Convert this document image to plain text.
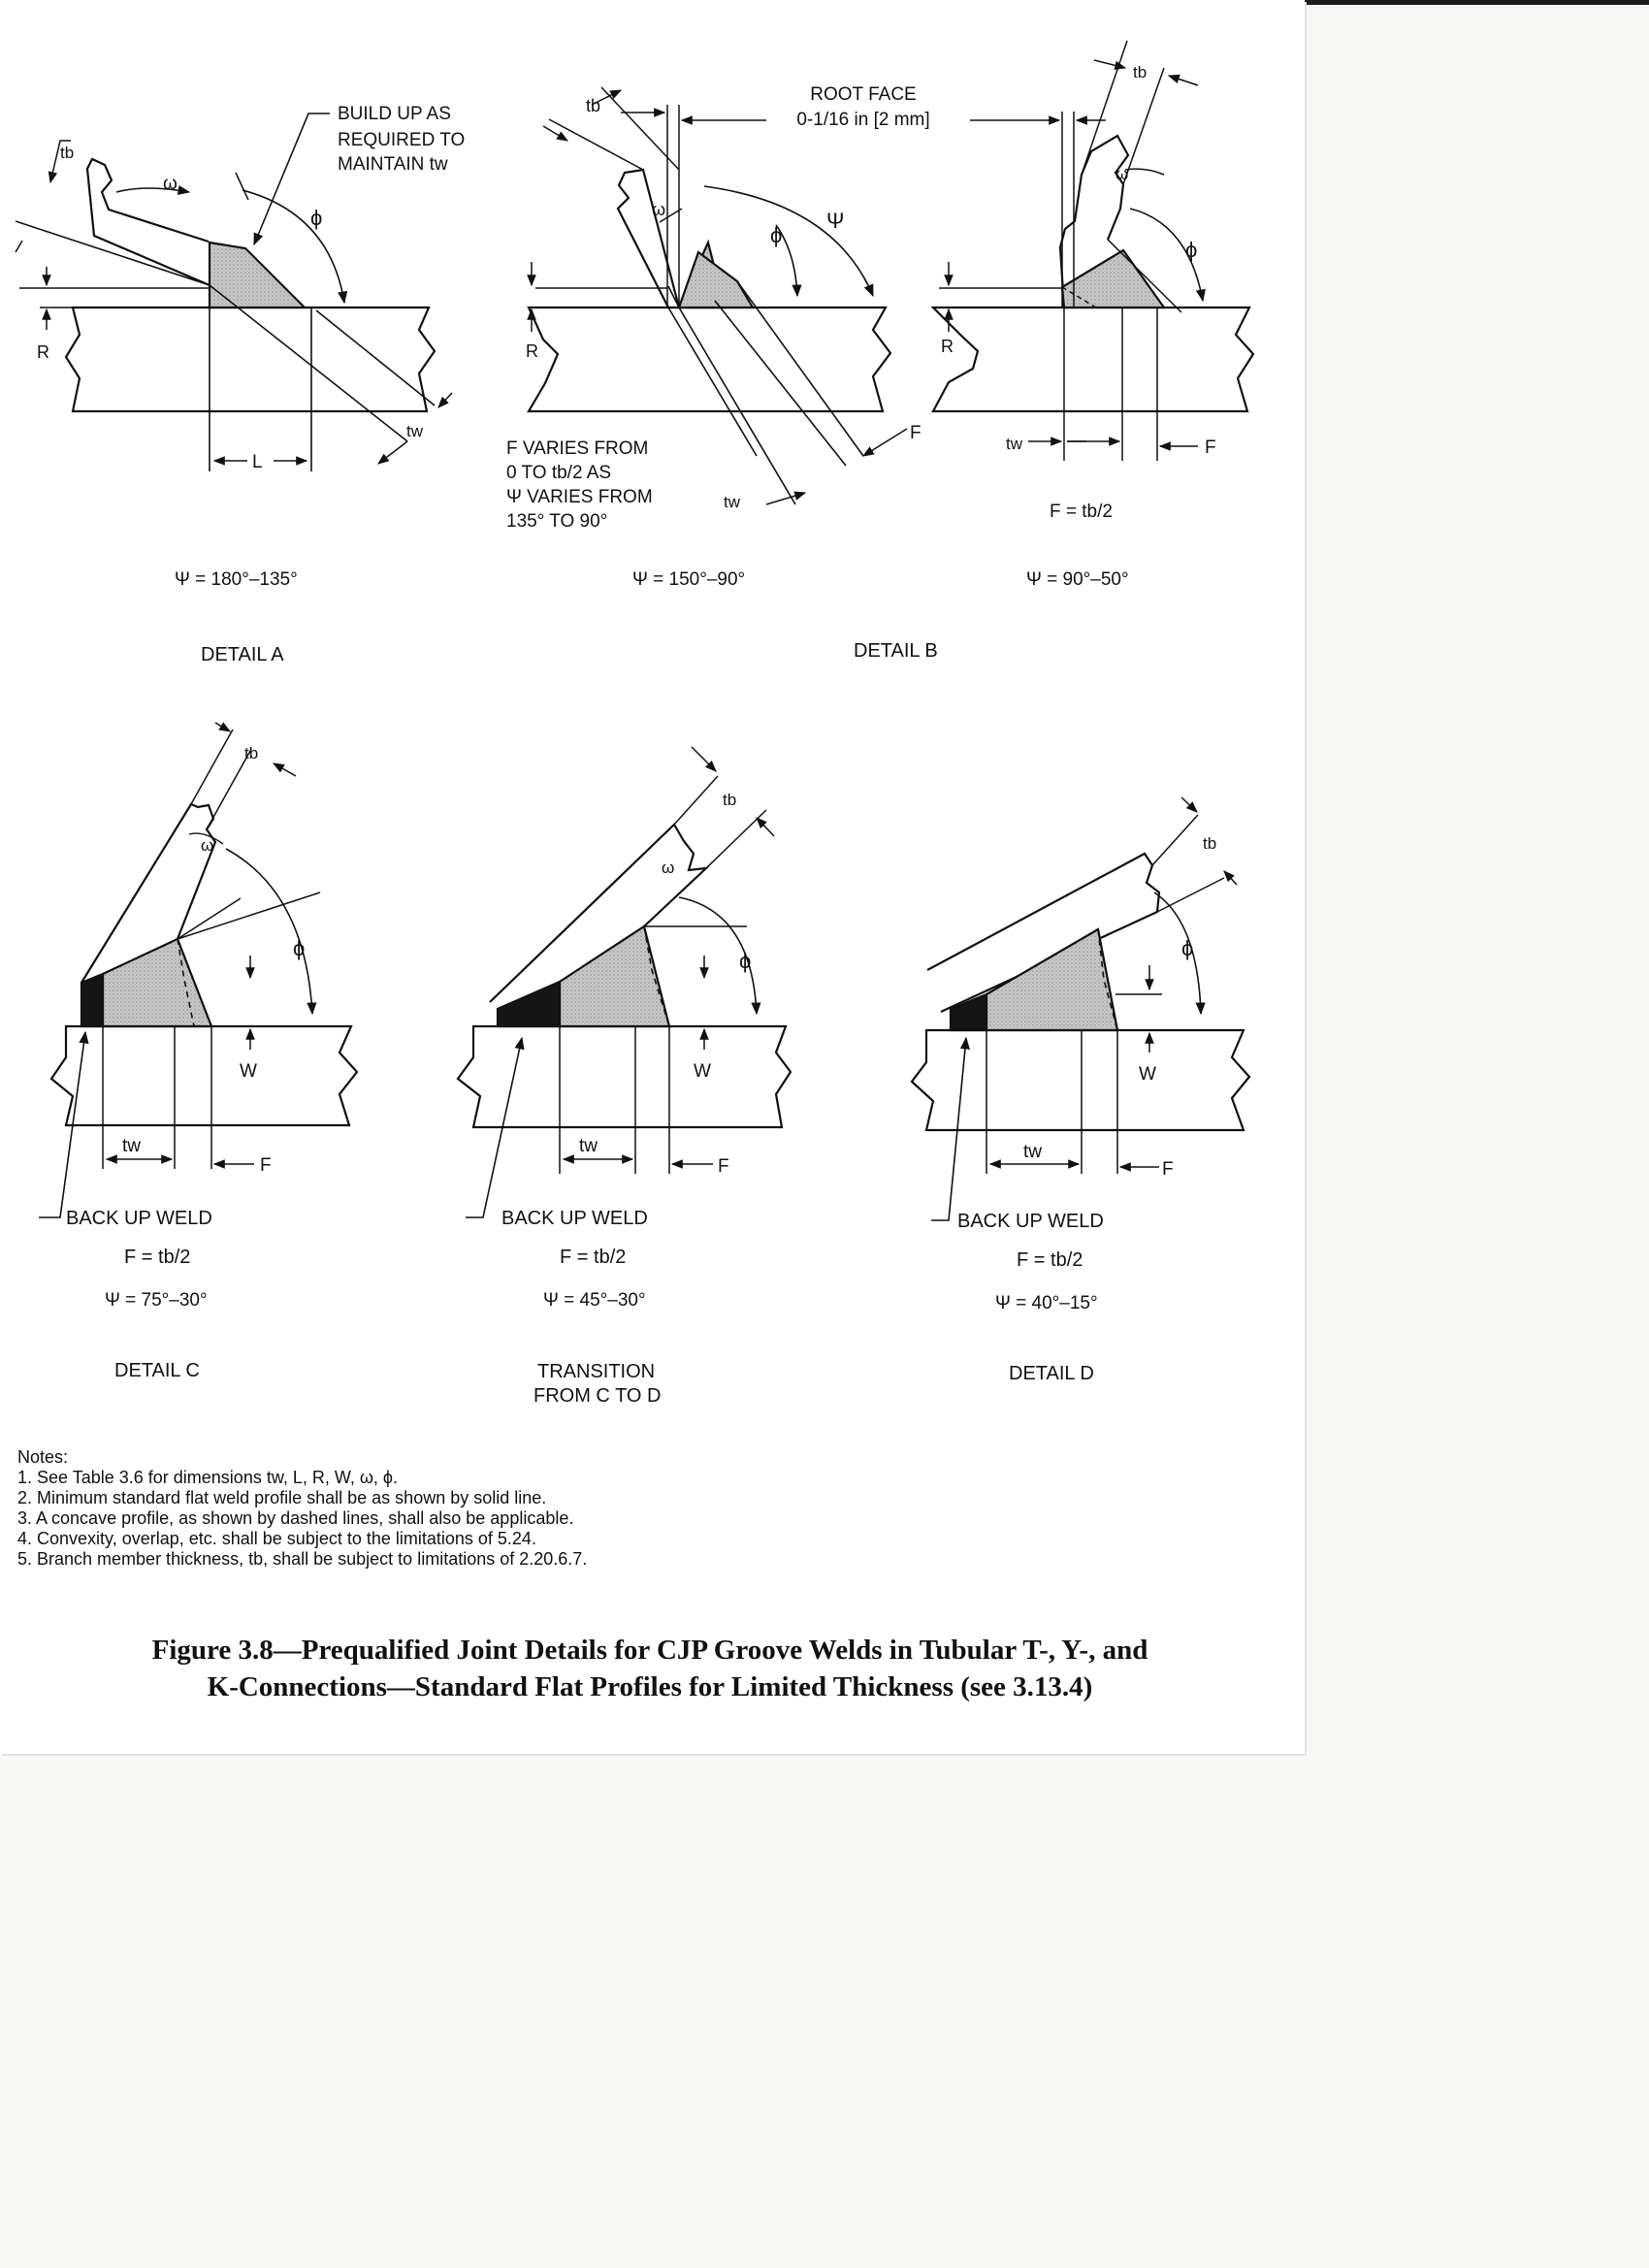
tb
ω
ϕ
R
L
tw
BUILD UP AS
REQUIRED TO
MAINTAIN tw
tb
ω
ϕ
Ψ
R
F
tw
ROOT FACE
0-1/16 in [2 mm]
F VARIES FROM
0 TO tb/2 AS
Ψ VARIES FROM
135° TO 90°
tb
ω
ϕ
R
tw	F
F = tb/2
tb
ω
ϕ
W
tw
F
tb
ω
ϕ
W
tw
F
tb
ϕ
W
tw
F
Ψ = 180°–135°
DETAIL A
Ψ = 150°–90°	Ψ = 90°–50°
DETAIL B
BACK UP WELD
F = tb/2
Ψ = 75°–30°
DETAIL C
BACK UP WELD
F = tb/2
Ψ = 45°–30°
TRANSITION
FROM C TO D
BACK UP WELD
F = tb/2
Ψ = 40°–15°
DETAIL D
Notes:
1. See Table 3.6 for dimensions tw, L, R, W, ω, ϕ.
2. Minimum standard flat weld profile shall be as shown by solid line.
3. A concave profile, as shown by dashed lines, shall also be applicable.
4. Convexity, overlap, etc. shall be subject to the limitations of 5.24.
5. Branch member thickness, tb, shall be subject to limitations of 2.20.6.7.
Figure 3.8—Prequalified Joint Details for CJP Groove Welds in Tubular T-, Y-, and
K-Connections—Standard Flat Profiles for Limited Thickness (see 3.13.4)
